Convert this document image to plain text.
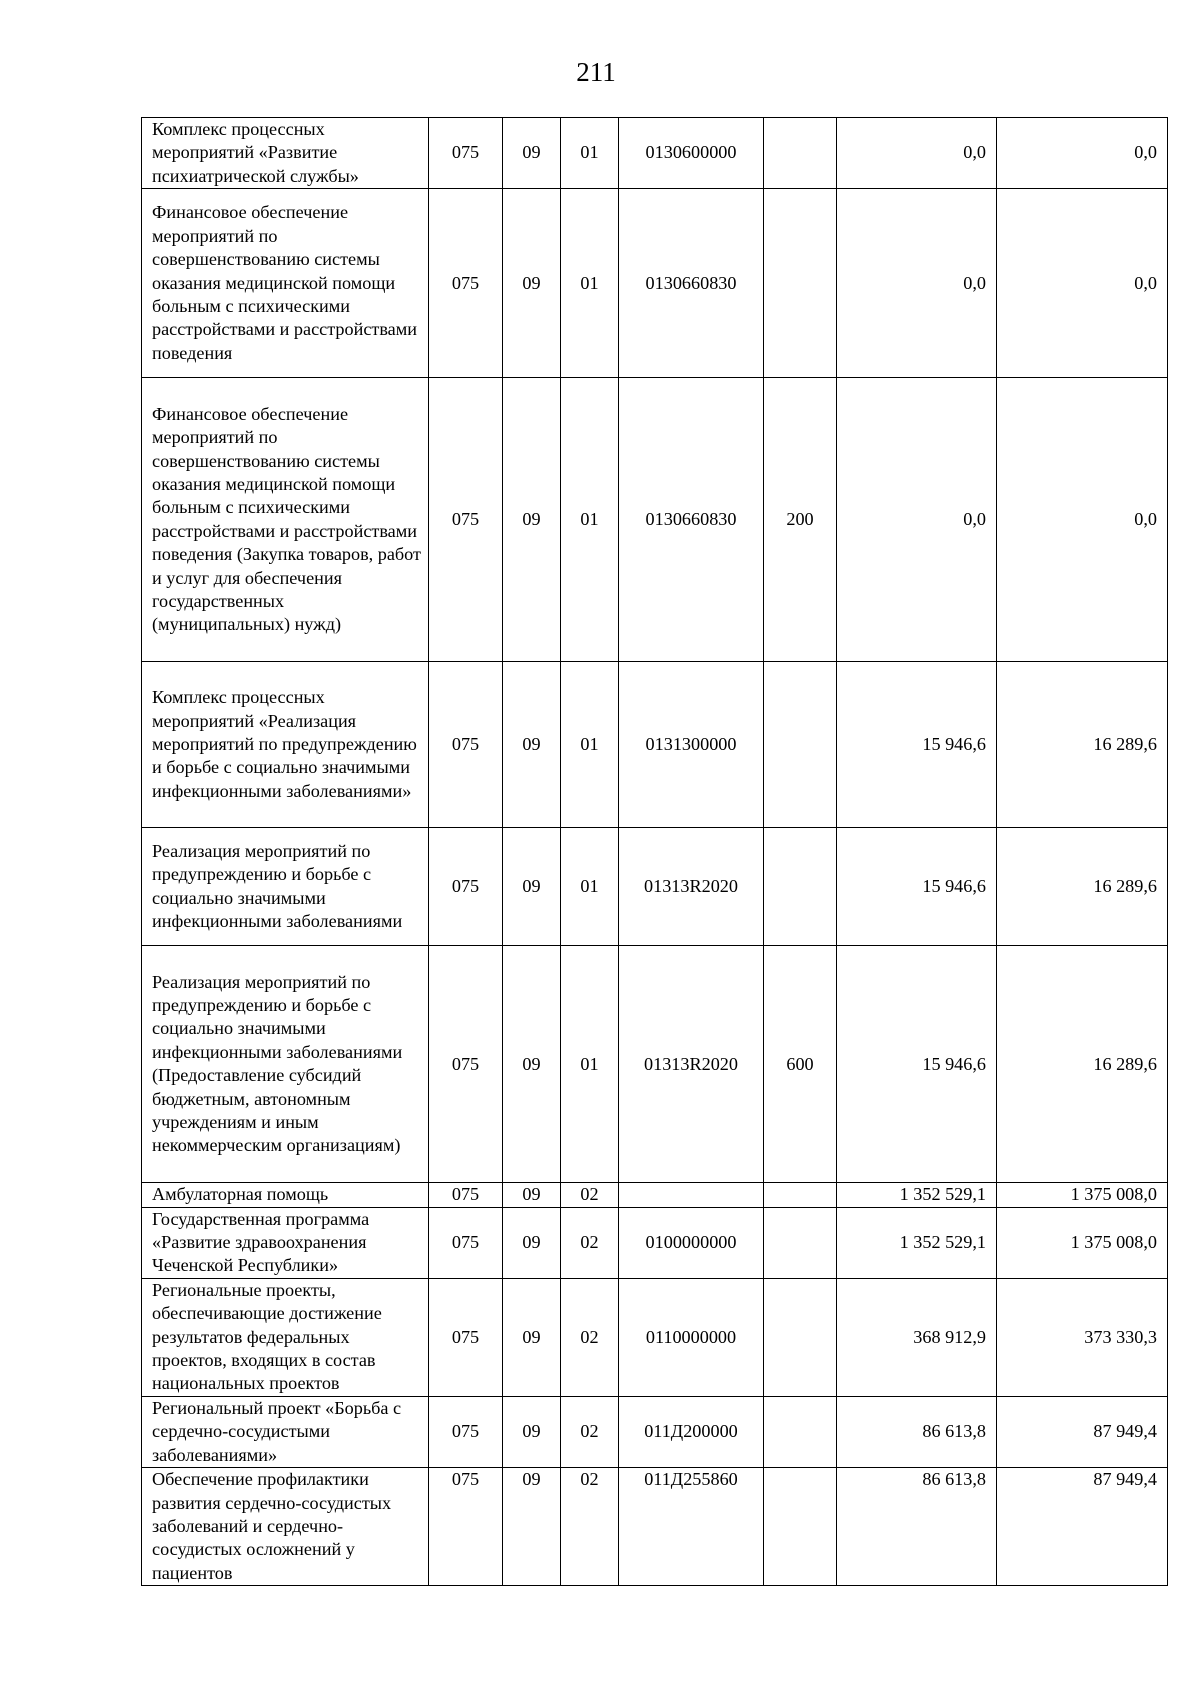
211
Комплекс процессных мероприятий «Развитие психиатрической службы»	075	09	01	0130600000		0,0	0,0
Финансовое обеспечение мероприятий по совершенствованию системы оказания медицинской помощи больным с психическими расстройствами и расстройствами поведения	075	09	01	0130660830		0,0	0,0
Финансовое обеспечение мероприятий по совершенствованию системы оказания медицинской помощи больным с психическими расстройствами и расстройствами поведения (Закупка товаров, работ и услуг для обеспечения государственных (муниципальных) нужд)	075	09	01	0130660830	200	0,0	0,0
Комплекс процессных мероприятий «Реализация мероприятий по предупреждению и борьбе с социально значимыми инфекционными заболеваниями»	075	09	01	0131300000		15 946,6	16 289,6
Реализация мероприятий по предупреждению и борьбе с социально значимыми инфекционными заболеваниями	075	09	01	01313R2020		15 946,6	16 289,6
Реализация мероприятий по предупреждению и борьбе с социально значимыми инфекционными заболеваниями (Предоставление субсидий бюджетным, автономным учреждениям и иным некоммерческим организациям)	075	09	01	01313R2020	600	15 946,6	16 289,6
Амбулаторная помощь	075	09	02			1 352 529,1	1 375 008,0
Государственная программа «Развитие здравоохранения Чеченской Республики»	075	09	02	0100000000		1 352 529,1	1 375 008,0
Региональные проекты, обеспечивающие достижение результатов федеральных проектов, входящих в состав национальных проектов	075	09	02	0110000000		368 912,9	373 330,3
Региональный проект «Борьба с сердечно-сосудистыми заболеваниями»	075	09	02	011Д200000		86 613,8	87 949,4
Обеспечение профилактики развития сердечно-сосудистых заболеваний и сердечно-сосудистых осложнений у пациентов	075	09	02	011Д255860		86 613,8	87 949,4
